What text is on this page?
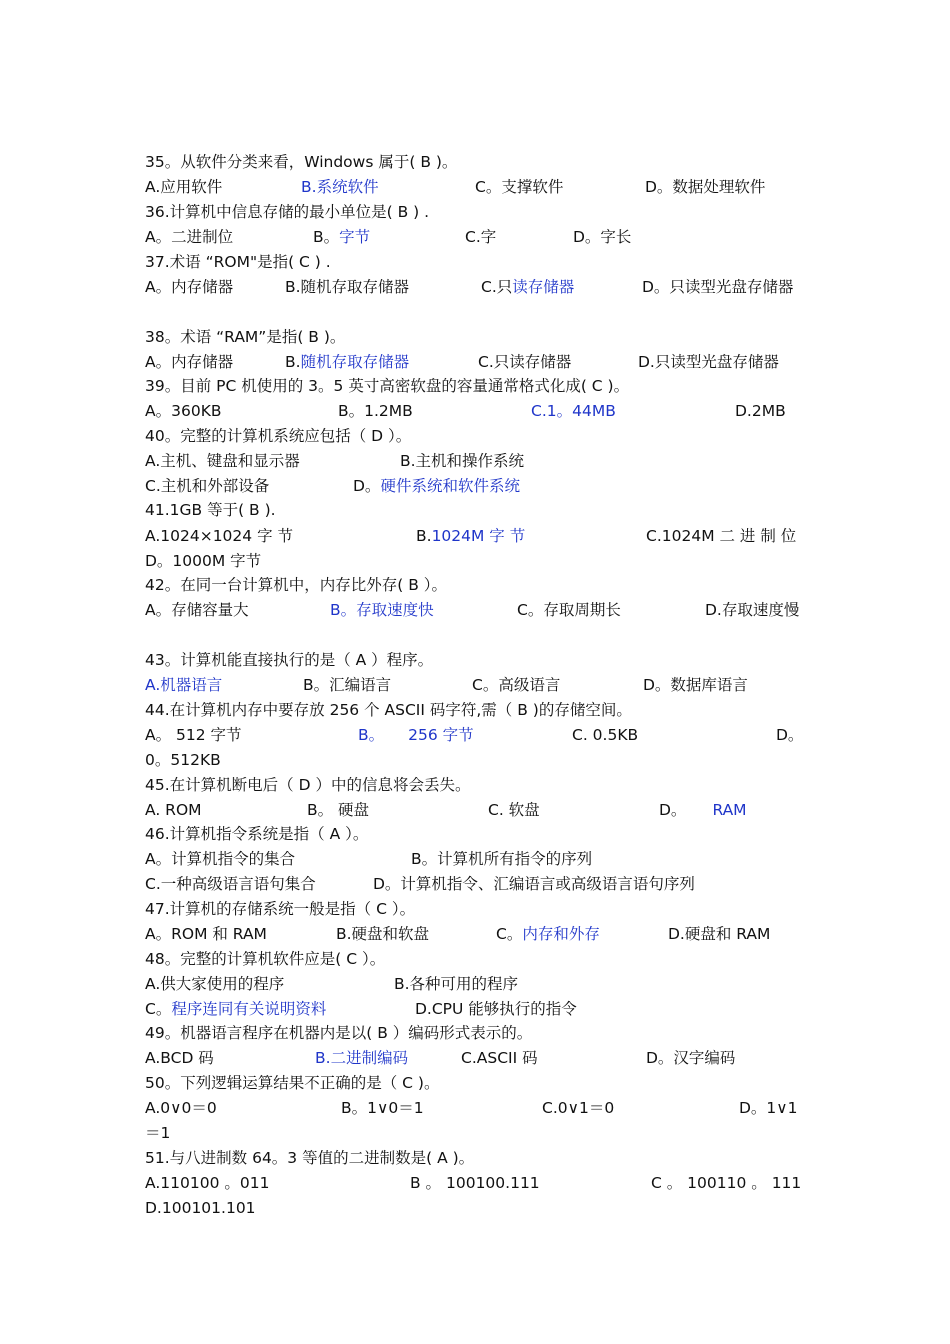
35。从软件分类来看，Windows 属于( B )。
A.应用软件	B.系统软件	C。支撑软件	D。数据处理软件
36.计算机中信息存储的最小单位是( B ) .
A。二进制位	B。字节	C.字	D。字长
37.术语 “ROM"是指( C ) .
A。内存储器	B.随机存取存储器	C.只读存储器	D。只读型光盘存储器
38。术语 “RAM”是指( B )。
A。内存储器	B.随机存取存储器	C.只读存储器	D.只读型光盘存储器
39。目前 PC 机使用的 3。5 英寸高密软盘的容量通常格式化成( C )。
A。360KB	B。1.2MB	C.1。44MB	D.2MB
40。完整的计算机系统应包括（ D ）。
A.主机、键盘和显示器	B.主机和操作系统
C.主机和外部设备	D。硬件系统和软件系统
41.1GB 等于( B ).
A.1024×1024 字 节	B.1024M 字 节	C.1024M 二 进 制 位
D。1000M 字节
42。在同一台计算机中，内存比外存( B ）。
A。存储容量大	B。存取速度快	C。存取周期长	D.存取速度慢
43。计算机能直接执行的是（ A ）程序。
A.机器语言	B。汇编语言	C。高级语言	D。数据库语言
44.在计算机内存中要存放 256 个 ASCII 码字符,需（ B )的存储空间。
A。 512 字节	B。 256 字节	C. 0.5KB	D。
0。512KB
45.在计算机断电后（ D ）中的信息将会丢失。
A. ROM	B。 硬盘	C. 软盘	D。 RAM
46.计算机指令系统是指（ A ）。
A。计算机指令的集合	B。计算机所有指令的序列
C.一种高级语言语句集合	D。计算机指令、汇编语言或高级语言语句序列
47.计算机的存储系统一般是指（ C ）。
A。ROM 和 RAM	B.硬盘和软盘	C。内存和外存	D.硬盘和 RAM
48。完整的计算机软件应是( C ）。
A.供大家使用的程序	B.各种可用的程序
C。程序连同有关说明资料	D.CPU 能够执行的指令
49。机器语言程序在机器内是以( B ）编码形式表示的。
A.BCD 码	B.二进制编码	C.ASCII 码	D。汉字编码
50。下列逻辑运算结果不正确的是（ C )。
A.0∨0＝0	B。1∨0＝1	C.0∨1＝0	D。1∨1
＝1
51.与八进制数 64。3 等值的二进制数是( A )。
A.110100 。011	B 。 100100.111	C 。 100110 。 111
D.100101.101
